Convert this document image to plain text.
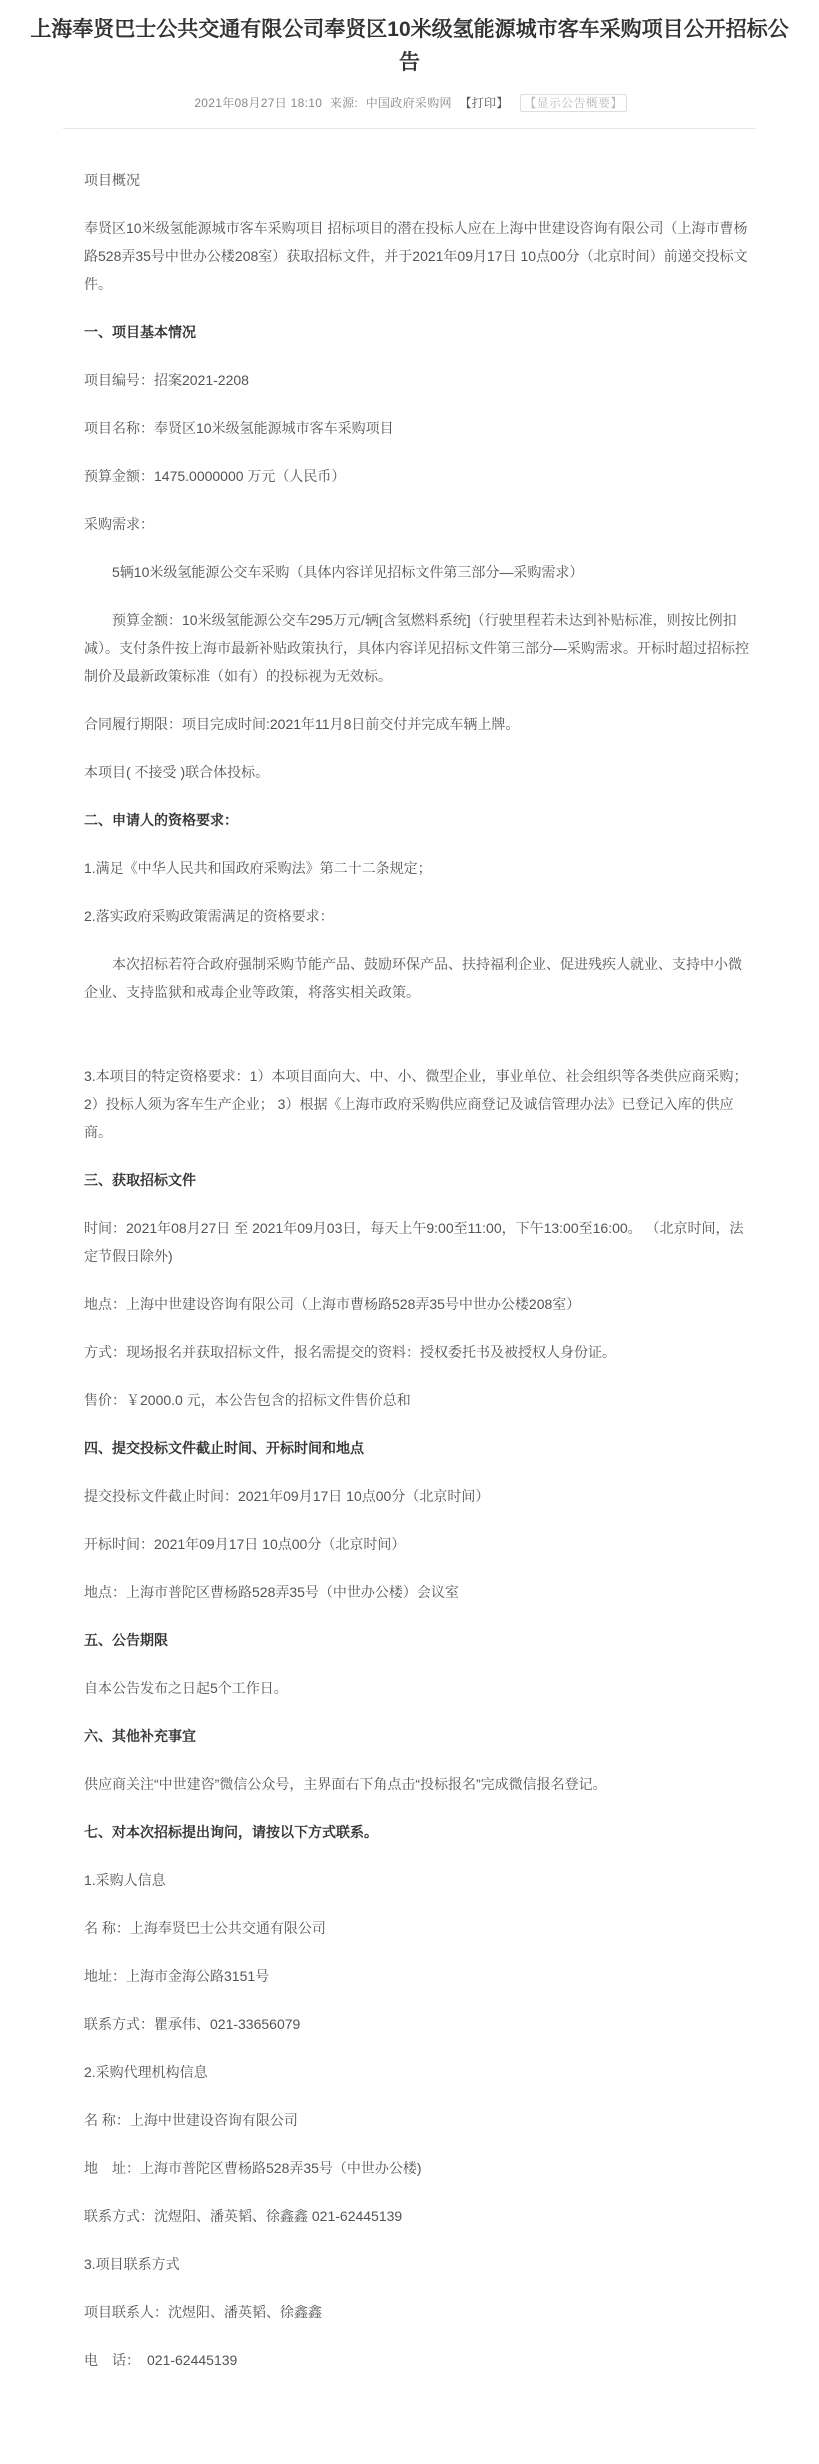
上海奉贤巴士公共交通有限公司奉贤区10米级氢能源城市客车采购项目公开招标公告
2021年08月27日 18:10 来源: 中国政府采购网 【打印】 【显示公告概要】

项目概况

奉贤区10米级氢能源城市客车采购项目 招标项目的潜在投标人应在上海中世建设咨询有限公司（上海市曹杨路528弄35号中世办公楼208室）获取招标文件，并于2021年09月17日 10点00分（北京时间）前递交投标文件。

一、项目基本情况

项目编号：招案2021-2208

项目名称：奉贤区10米级氢能源城市客车采购项目

预算金额：1475.0000000 万元（人民币）

采购需求：

5辆10米级氢能源公交车采购（具体内容详见招标文件第三部分—采购需求）

预算金额：10米级氢能源公交车295万元/辆[含氢燃料系统]（行驶里程若未达到补贴标准，则按比例扣减）。支付条件按上海市最新补贴政策执行，具体内容详见招标文件第三部分—采购需求。开标时超过招标控制价及最新政策标准（如有）的投标视为无效标。

合同履行期限：项目完成时间:2021年11月8日前交付并完成车辆上牌。

本项目( 不接受 )联合体投标。

二、申请人的资格要求：

1.满足《中华人民共和国政府采购法》第二十二条规定；

2.落实政府采购政策需满足的资格要求：

本次招标若符合政府强制采购节能产品、鼓励环保产品、扶持福利企业、促进残疾人就业、支持中小微企业、支持监狱和戒毒企业等政策，将落实相关政策。

3.本项目的特定资格要求：1）本项目面向大、中、小、微型企业，事业单位、社会组织等各类供应商采购； 2）投标人须为客车生产企业； 3）根据《上海市政府采购供应商登记及诚信管理办法》已登记入库的供应商。

三、获取招标文件

时间：2021年08月27日 至 2021年09月03日，每天上午9:00至11:00，下午13:00至16:00。 （北京时间，法定节假日除外)

地点：上海中世建设咨询有限公司（上海市曹杨路528弄35号中世办公楼208室）

方式：现场报名并获取招标文件，报名需提交的资料：授权委托书及被授权人身份证。

售价：￥2000.0 元，本公告包含的招标文件售价总和

四、提交投标文件截止时间、开标时间和地点

提交投标文件截止时间：2021年09月17日 10点00分（北京时间）

开标时间：2021年09月17日 10点00分（北京时间）

地点：上海市普陀区曹杨路528弄35号（中世办公楼）会议室

五、公告期限

自本公告发布之日起5个工作日。

六、其他补充事宜

供应商关注“中世建咨”微信公众号，主界面右下角点击“投标报名”完成微信报名登记。

七、对本次招标提出询问，请按以下方式联系。

1.采购人信息

名 称：上海奉贤巴士公共交通有限公司

地址：上海市金海公路3151号

联系方式：瞿承伟、021-33656079

2.采购代理机构信息

名 称：上海中世建设咨询有限公司

地　址：上海市普陀区曹杨路528弄35号（中世办公楼)

联系方式：沈煜阳、潘英韬、徐鑫鑫 021-62445139

3.项目联系方式

项目联系人：沈煜阳、潘英韬、徐鑫鑫

电　话：　021-62445139
